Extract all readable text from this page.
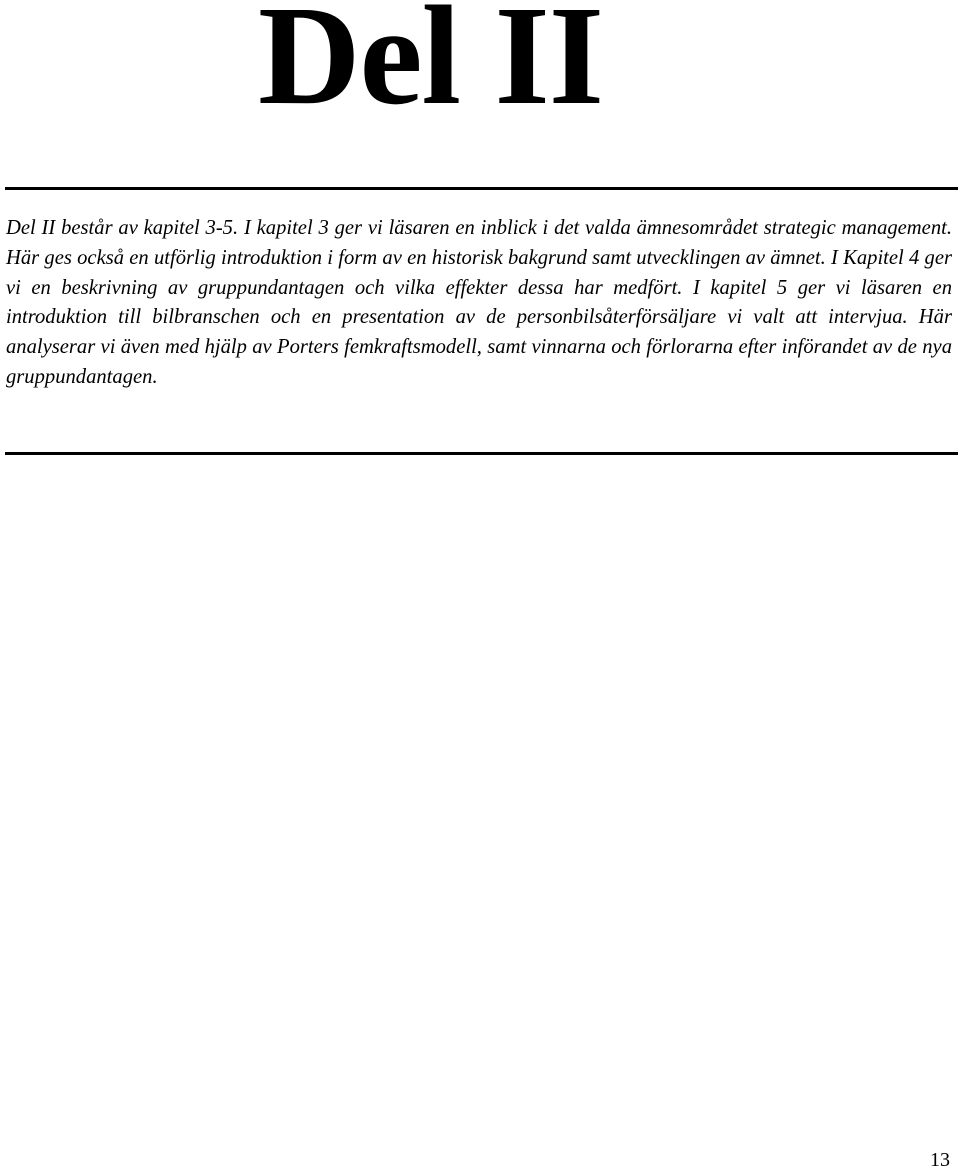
Del II

Del II består av kapitel 3-5. I kapitel 3 ger vi läsaren en inblick i det valda ämnesområdet strategic management. Här ges också en utförlig introduktion i form av en historisk bakgrund samt utvecklingen av ämnet. I Kapitel 4 ger vi en beskrivning av gruppundantagen och vilka effekter dessa har medfört. I kapitel 5 ger vi läsaren en introduktion till bilbranschen och en presentation av de personbilsåterförsäljare vi valt att intervjua. Här analyserar vi även med hjälp av Porters femkraftsmodell, samt vinnarna och förlorarna efter införandet av de nya gruppundantagen.

13
